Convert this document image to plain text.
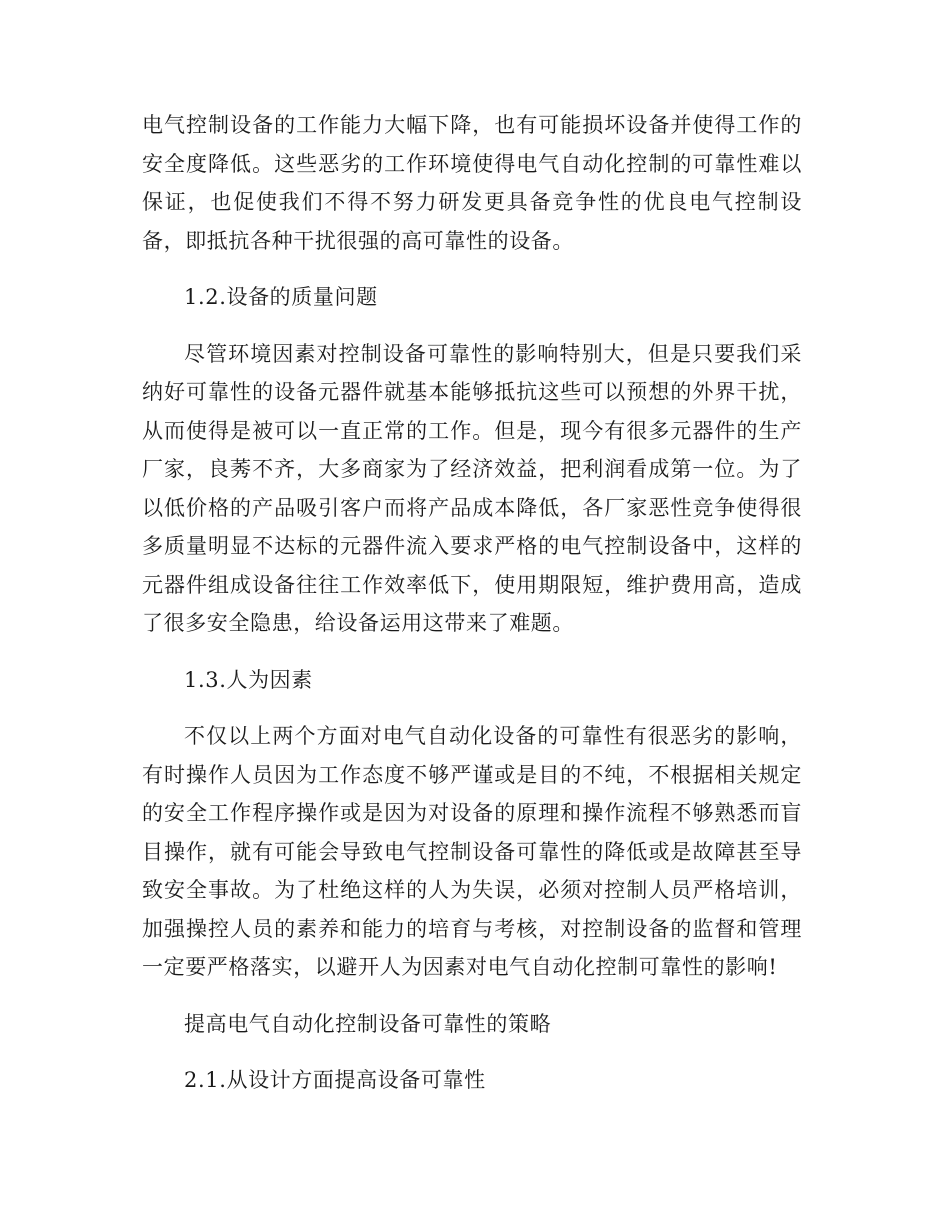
电气控制设备的工作能力大幅下降，也有可能损坏设备并使得工作的安全度降低。这些恶劣的工作环境使得电气自动化控制的可靠性难以保证，也促使我们不得不努力研发更具备竞争性的优良电气控制设备，即抵抗各种干扰很强的高可靠性的设备。

1.2.设备的质量问题

尽管环境因素对控制设备可靠性的影响特别大，但是只要我们采纳好可靠性的设备元器件就基本能够抵抗这些可以预想的外界干扰，从而使得是被可以一直正常的工作。但是，现今有很多元器件的生产厂家，良莠不齐，大多商家为了经济效益，把利润看成第一位。为了以低价格的产品吸引客户而将产品成本降低，各厂家恶性竞争使得很多质量明显不达标的元器件流入要求严格的电气控制设备中，这样的元器件组成设备往往工作效率低下，使用期限短，维护费用高，造成了很多安全隐患，给设备运用这带来了难题。

1.3.人为因素

不仅以上两个方面对电气自动化设备的可靠性有很恶劣的影响，有时操作人员因为工作态度不够严谨或是目的不纯，不根据相关规定的安全工作程序操作或是因为对设备的原理和操作流程不够熟悉而盲目操作，就有可能会导致电气控制设备可靠性的降低或是故障甚至导致安全事故。为了杜绝这样的人为失误，必须对控制人员严格培训，加强操控人员的素养和能力的培育与考核，对控制设备的监督和管理一定要严格落实，以避开人为因素对电气自动化控制可靠性的影响!

提高电气自动化控制设备可靠性的策略

2.1.从设计方面提高设备可靠性
